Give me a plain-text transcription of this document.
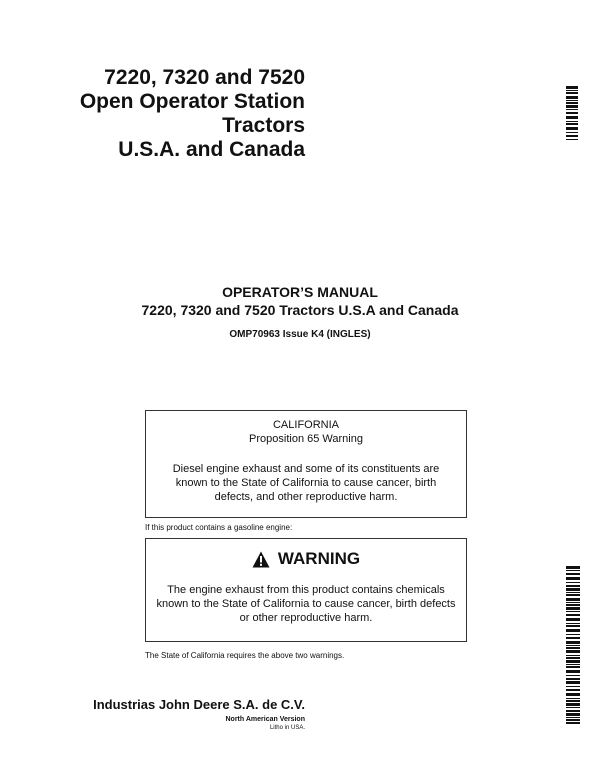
7220, 7320 and 7520
Open Operator Station
Tractors
U.S.A. and Canada
OPERATOR’S MANUAL
7220, 7320 and 7520 Tractors U.S.A and Canada
OMP70963 Issue K4 (INGLES)
CALIFORNIA
Proposition 65 Warning
Diesel engine exhaust and some of its constituents are known to the State of California to cause cancer, birth defects, and other reproductive harm.
If this product contains a gasoline engine:
WARNING
The engine exhaust from this product contains chemicals known to the State of California to cause cancer, birth defects or other reproductive harm.
The State of California requires the above two warnings.
Industrias John Deere S.A. de C.V.
North American Version
Litho in USA.
